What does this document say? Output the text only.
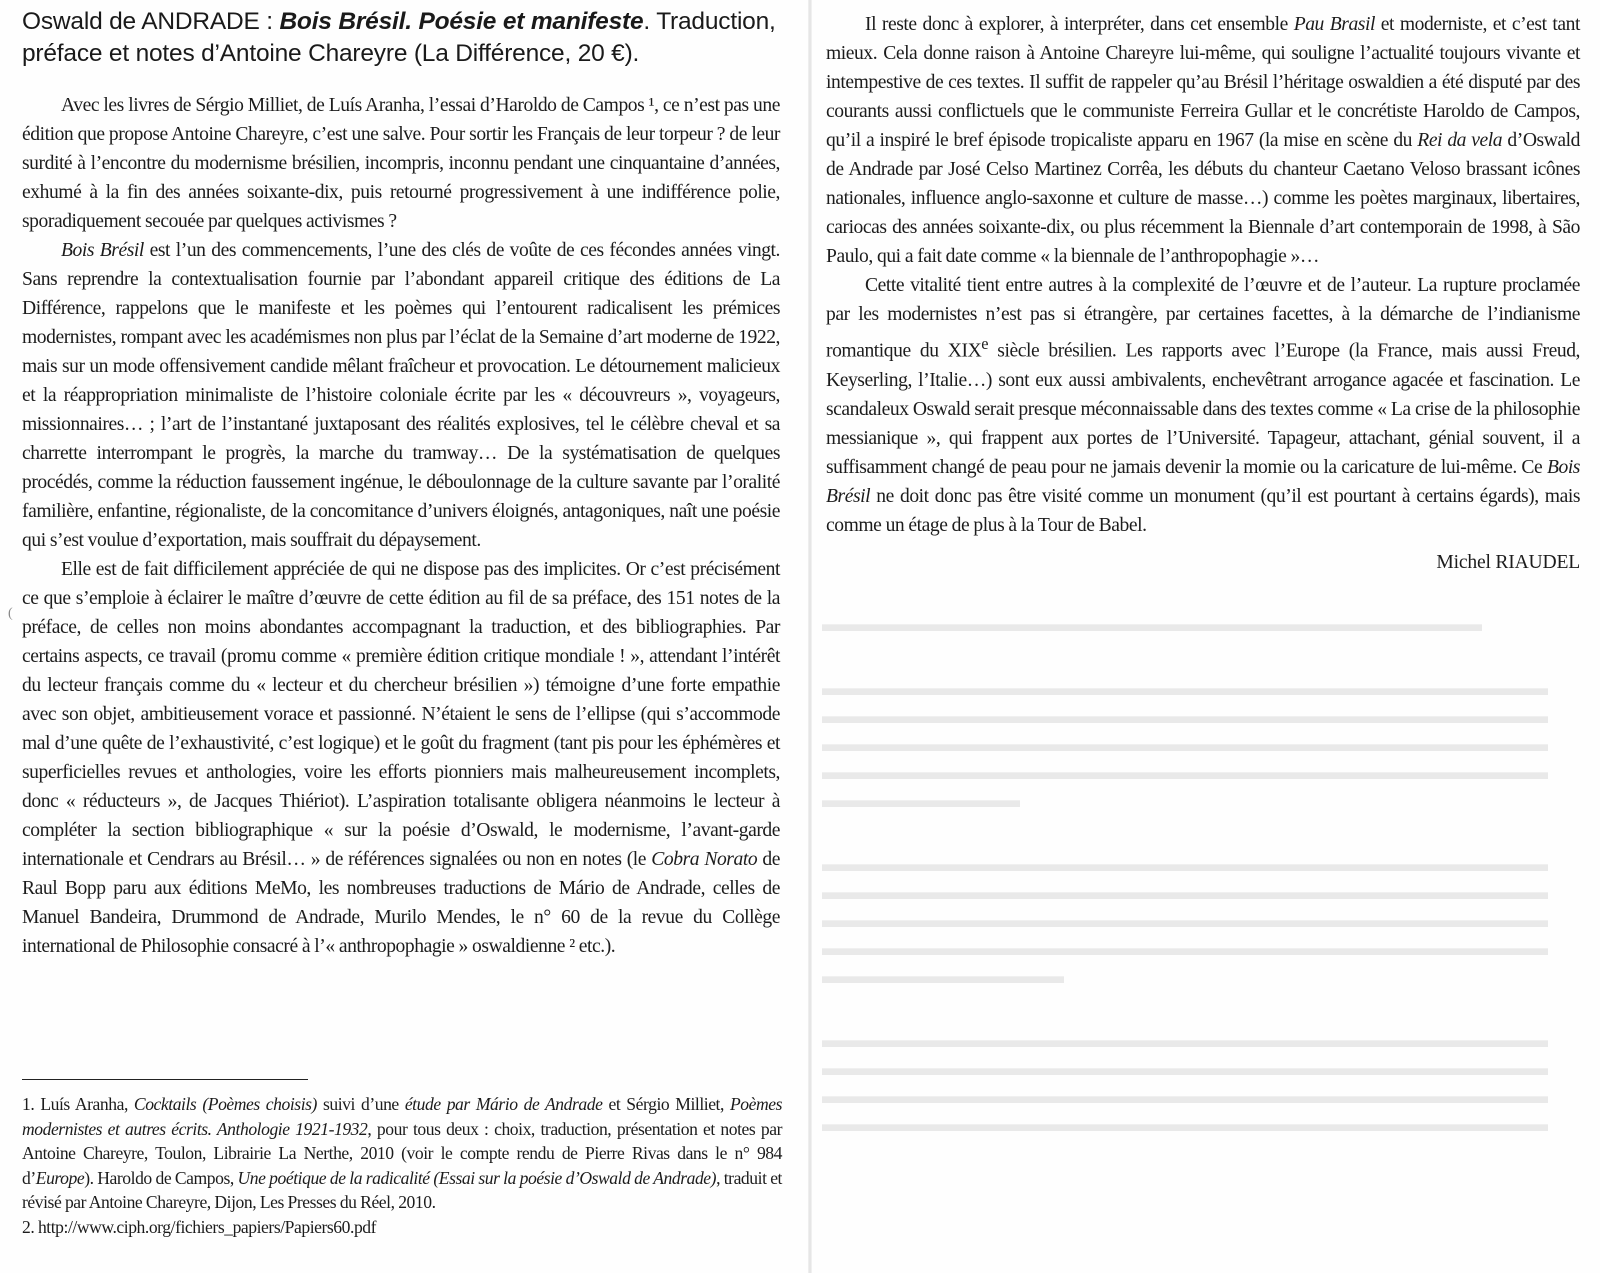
▬▬▬▬▬▬▬▬▬▬▬▬▬▬▬▬▬▬▬▬▬▬▬▬▬▬▬▬▬▬
▬▬▬▬▬▬▬▬▬▬▬▬▬▬▬▬▬▬▬▬▬▬▬▬▬▬▬▬▬▬▬▬▬
▬▬▬▬▬▬▬▬▬▬▬▬▬▬▬▬▬▬▬▬▬▬▬▬▬▬▬▬▬▬▬▬▬
▬▬▬▬▬▬▬▬▬▬▬▬▬▬▬▬▬▬▬▬▬▬▬▬▬▬▬▬▬▬▬▬▬
▬▬▬▬▬▬▬▬▬▬▬▬▬▬▬▬▬▬▬▬▬▬▬▬▬▬▬▬▬▬▬▬▬
▬▬▬▬▬▬▬▬▬
▬▬▬▬▬▬▬▬▬▬▬▬▬▬▬▬▬▬▬▬▬▬▬▬▬▬▬▬▬▬▬▬▬
▬▬▬▬▬▬▬▬▬▬▬▬▬▬▬▬▬▬▬▬▬▬▬▬▬▬▬▬▬▬▬▬▬
▬▬▬▬▬▬▬▬▬▬▬▬▬▬▬▬▬▬▬▬▬▬▬▬▬▬▬▬▬▬▬▬▬
▬▬▬▬▬▬▬▬▬▬▬▬▬▬▬▬▬▬▬▬▬▬▬▬▬▬▬▬▬▬▬▬▬
▬▬▬▬▬▬▬▬▬▬▬
▬▬▬▬▬▬▬▬▬▬▬▬▬▬▬▬▬▬▬▬▬▬▬▬▬▬▬▬▬▬▬▬▬
▬▬▬▬▬▬▬▬▬▬▬▬▬▬▬▬▬▬▬▬▬▬▬▬▬▬▬▬▬▬▬▬▬
▬▬▬▬▬▬▬▬▬▬▬▬▬▬▬▬▬▬▬▬▬▬▬▬▬▬▬▬▬▬▬▬▬
▬▬▬▬▬▬▬▬▬▬▬▬▬▬▬▬▬▬▬▬▬▬▬▬▬▬▬▬▬▬▬▬▬

Oswald de ANDRADE : Bois Brésil. Poésie et manifeste. Traduction, préface et notes d’Antoine Chareyre (La Différence, 20 €).

Avec les livres de Sérgio Milliet, de Luís Aranha, l’essai d’Haroldo de Campos ¹, ce n’est pas une édition que propose Antoine Chareyre, c’est une salve. Pour sortir les Français de leur torpeur ? de leur surdité à l’encontre du modernisme brésilien, incompris, inconnu pendant une cinquantaine d’années, exhumé à la fin des années soixante-dix, puis retourné progressivement à une indifférence polie, sporadiquement secouée par quelques activismes ?

Bois Brésil est l’un des commencements, l’une des clés de voûte de ces fécondes années vingt. Sans reprendre la contextualisation fournie par l’abondant appareil critique des éditions de La Différence, rappelons que le manifeste et les poèmes qui l’entourent radicalisent les prémices modernistes, rompant avec les académismes non plus par l’éclat de la Semaine d’art moderne de 1922, mais sur un mode offensivement candide mêlant fraîcheur et provocation. Le détournement malicieux et la réappropriation minimaliste de l’histoire coloniale écrite par les « découvreurs », voyageurs, missionnaires… ; l’art de l’instantané juxtaposant des réalités explosives, tel le célèbre cheval et sa charrette interrompant le progrès, la marche du tramway… De la systématisation de quelques procédés, comme la réduction faussement ingénue, le déboulonnage de la culture savante par l’oralité familière, enfantine, régionaliste, de la concomitance d’univers éloignés, antagoniques, naît une poésie qui s’est voulue d’exportation, mais souffrait du dépaysement.

Elle est de fait difficilement appréciée de qui ne dispose pas des implicites. Or c’est précisément ce que s’emploie à éclairer le maître d’œuvre de cette édition au fil de sa préface, des 151 notes de la préface, de celles non moins abondantes accompagnant la traduction, et des bibliographies. Par certains aspects, ce travail (promu comme « première édition critique mondiale ! », attendant l’intérêt du lecteur français comme du « lecteur et du chercheur brésilien ») témoigne d’une forte empathie avec son objet, ambitieusement vorace et passionné. N’étaient le sens de l’ellipse (qui s’accommode mal d’une quête de l’exhaustivité, c’est logique) et le goût du fragment (tant pis pour les éphémères et superficielles revues et anthologies, voire les efforts pionniers mais malheureusement incomplets, donc « réducteurs », de Jacques Thiériot). L’aspiration totalisante obligera néanmoins le lecteur à compléter la section bibliographique « sur la poésie d’Oswald, le modernisme, l’avant-garde internationale et Cendrars au Brésil… » de références signalées ou non en notes (le Cobra Norato de Raul Bopp paru aux éditions MeMo, les nombreuses traductions de Mário de Andrade, celles de Manuel Bandeira, Drummond de Andrade, Murilo Mendes, le n° 60 de la revue du Collège international de Philosophie consacré à l’« anthropophagie » oswaldienne ² etc.).

Il reste donc à explorer, à interpréter, dans cet ensemble Pau Brasil et moderniste, et c’est tant mieux. Cela donne raison à Antoine Chareyre lui-même, qui souligne l’actualité toujours vivante et intempestive de ces textes. Il suffit de rappeler qu’au Brésil l’héritage oswaldien a été disputé par des courants aussi conflictuels que le communiste Ferreira Gullar et le concrétiste Haroldo de Campos, qu’il a inspiré le bref épisode tropicaliste apparu en 1967 (la mise en scène du Rei da vela d’Oswald de Andrade par José Celso Martinez Corrêa, les débuts du chanteur Caetano Veloso brassant icônes nationales, influence anglo-saxonne et culture de masse…) comme les poètes marginaux, libertaires, cariocas des années soixante-dix, ou plus récemment la Biennale d’art contemporain de 1998, à São Paulo, qui a fait date comme « la biennale de l’anthropophagie »…

Cette vitalité tient entre autres à la complexité de l’œuvre et de l’auteur. La rupture proclamée par les modernistes n’est pas si étrangère, par certaines facettes, à la démarche de l’indianisme romantique du XIXe siècle brésilien. Les rapports avec l’Europe (la France, mais aussi Freud, Keyserling, l’Italie…) sont eux aussi ambivalents, enchevêtrant arrogance agacée et fascination. Le scandaleux Oswald serait presque méconnaissable dans des textes comme « La crise de la philosophie messianique », qui frappent aux portes de l’Université. Tapageur, attachant, génial souvent, il a suffisamment changé de peau pour ne jamais devenir la momie ou la caricature de lui-même. Ce Bois Brésil ne doit donc pas être visité comme un monument (qu’il est pourtant à certains égards), mais comme un étage de plus à la Tour de Babel.

Michel RIAUDEL

1. Luís Aranha, Cocktails (Poèmes choisis) suivi d’une étude par Mário de Andrade et Sérgio Milliet, Poèmes modernistes et autres écrits. Anthologie 1921-1932, pour tous deux : choix, traduction, présentation et notes par Antoine Chareyre, Toulon, Librairie La Nerthe, 2010 (voir le compte rendu de Pierre Rivas dans le n° 984 d’Europe). Haroldo de Campos, Une poétique de la radicalité (Essai sur la poésie d’Oswald de Andrade), traduit et révisé par Antoine Chareyre, Dijon, Les Presses du Réel, 2010.

2. http://www.ciph.org/fichiers_papiers/Papiers60.pdf

(
